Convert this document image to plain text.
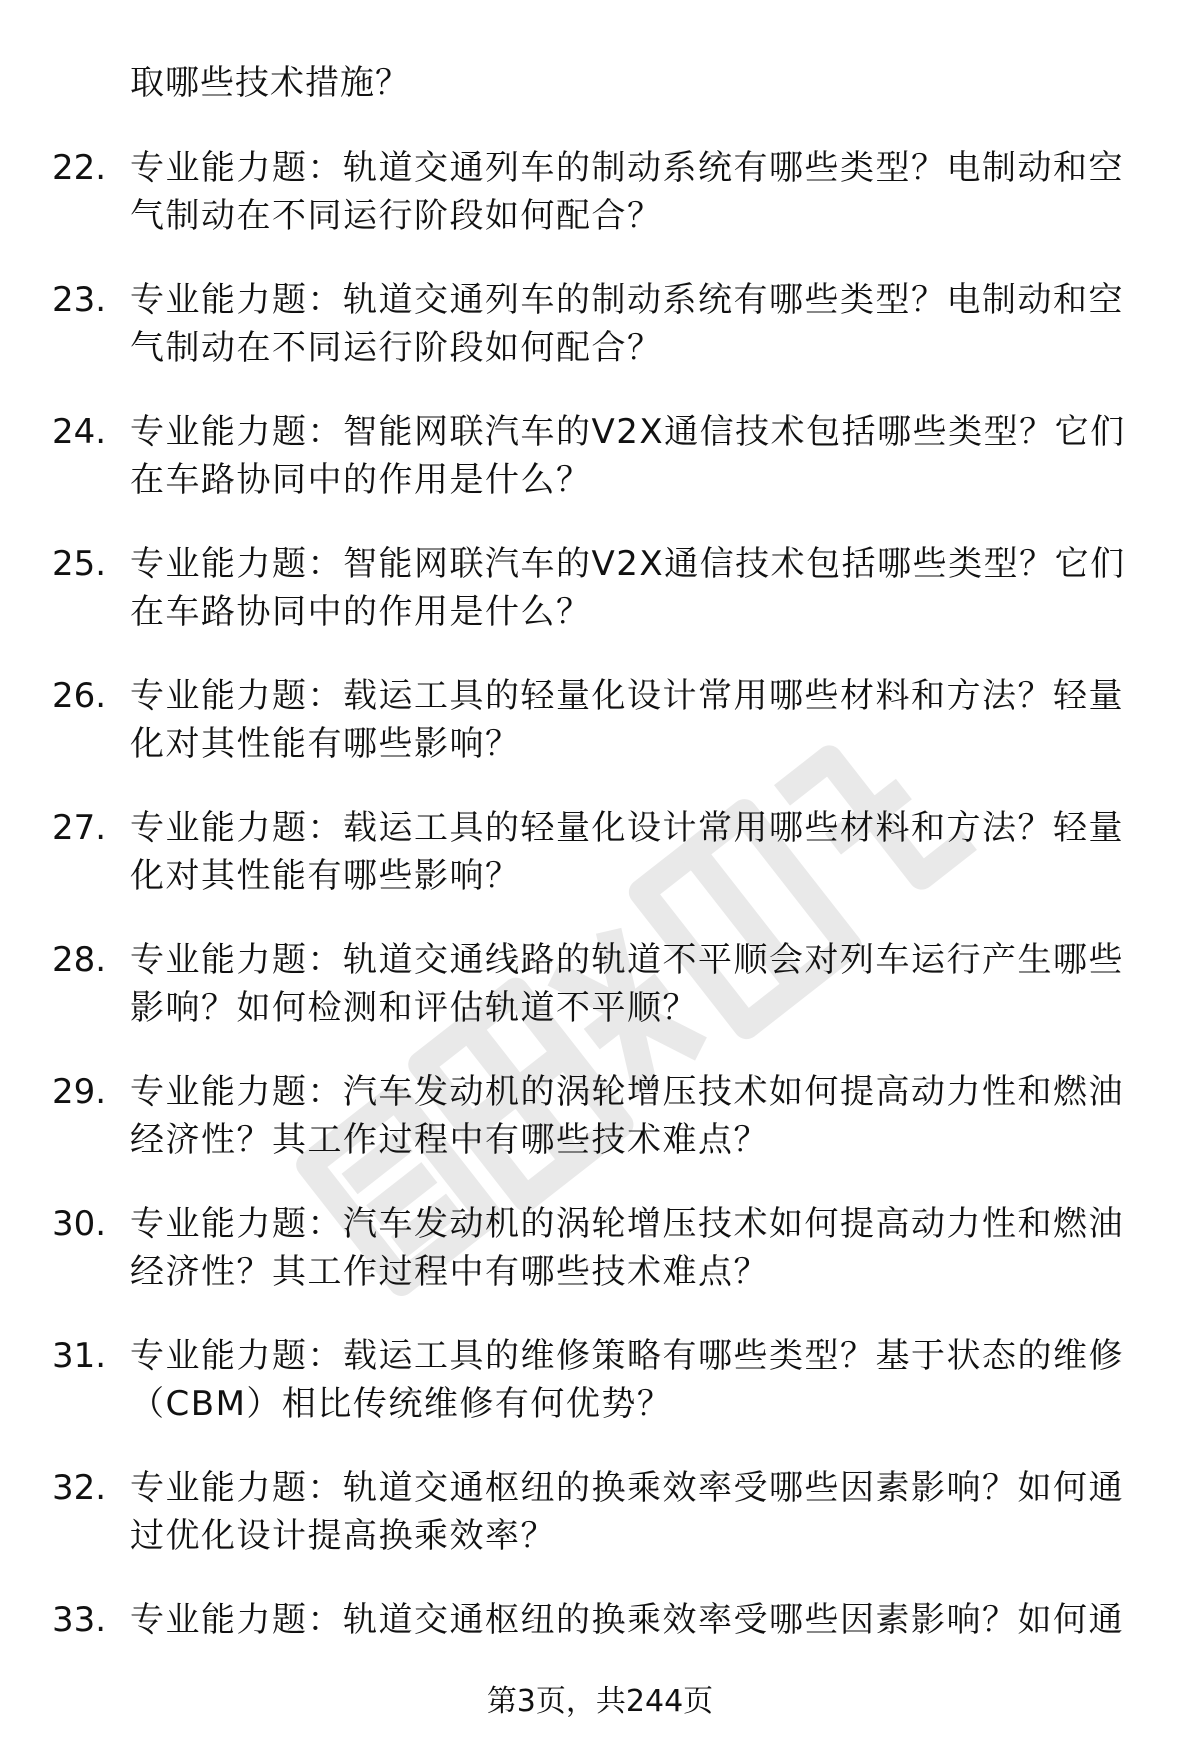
取哪些技术措施？
22. 专业能力题：轨道交通列车的制动系统有哪些类型？电制动和空
气制动在不同运行阶段如何配合？
23. 专业能力题：轨道交通列车的制动系统有哪些类型？电制动和空
气制动在不同运行阶段如何配合？
24. 专业能力题：智能网联汽车的V2X通信技术包括哪些类型？它们
在车路协同中的作用是什么？
25. 专业能力题：智能网联汽车的V2X通信技术包括哪些类型？它们
在车路协同中的作用是什么？
26. 专业能力题：载运工具的轻量化设计常用哪些材料和方法？轻量
化对其性能有哪些影响？
27. 专业能力题：载运工具的轻量化设计常用哪些材料和方法？轻量
化对其性能有哪些影响？
28. 专业能力题：轨道交通线路的轨道不平顺会对列车运行产生哪些
影响？如何检测和评估轨道不平顺？
29. 专业能力题：汽车发动机的涡轮增压技术如何提高动力性和燃油
经济性？其工作过程中有哪些技术难点？
30. 专业能力题：汽车发动机的涡轮增压技术如何提高动力性和燃油
经济性？其工作过程中有哪些技术难点？
31. 专业能力题：载运工具的维修策略有哪些类型？基于状态的维修
（CBM）相比传统维修有何优势？
32. 专业能力题：轨道交通枢纽的换乘效率受哪些因素影响？如何通
过优化设计提高换乘效率？
33. 专业能力题：轨道交通枢纽的换乘效率受哪些因素影响？如何通
第3页，共244页
